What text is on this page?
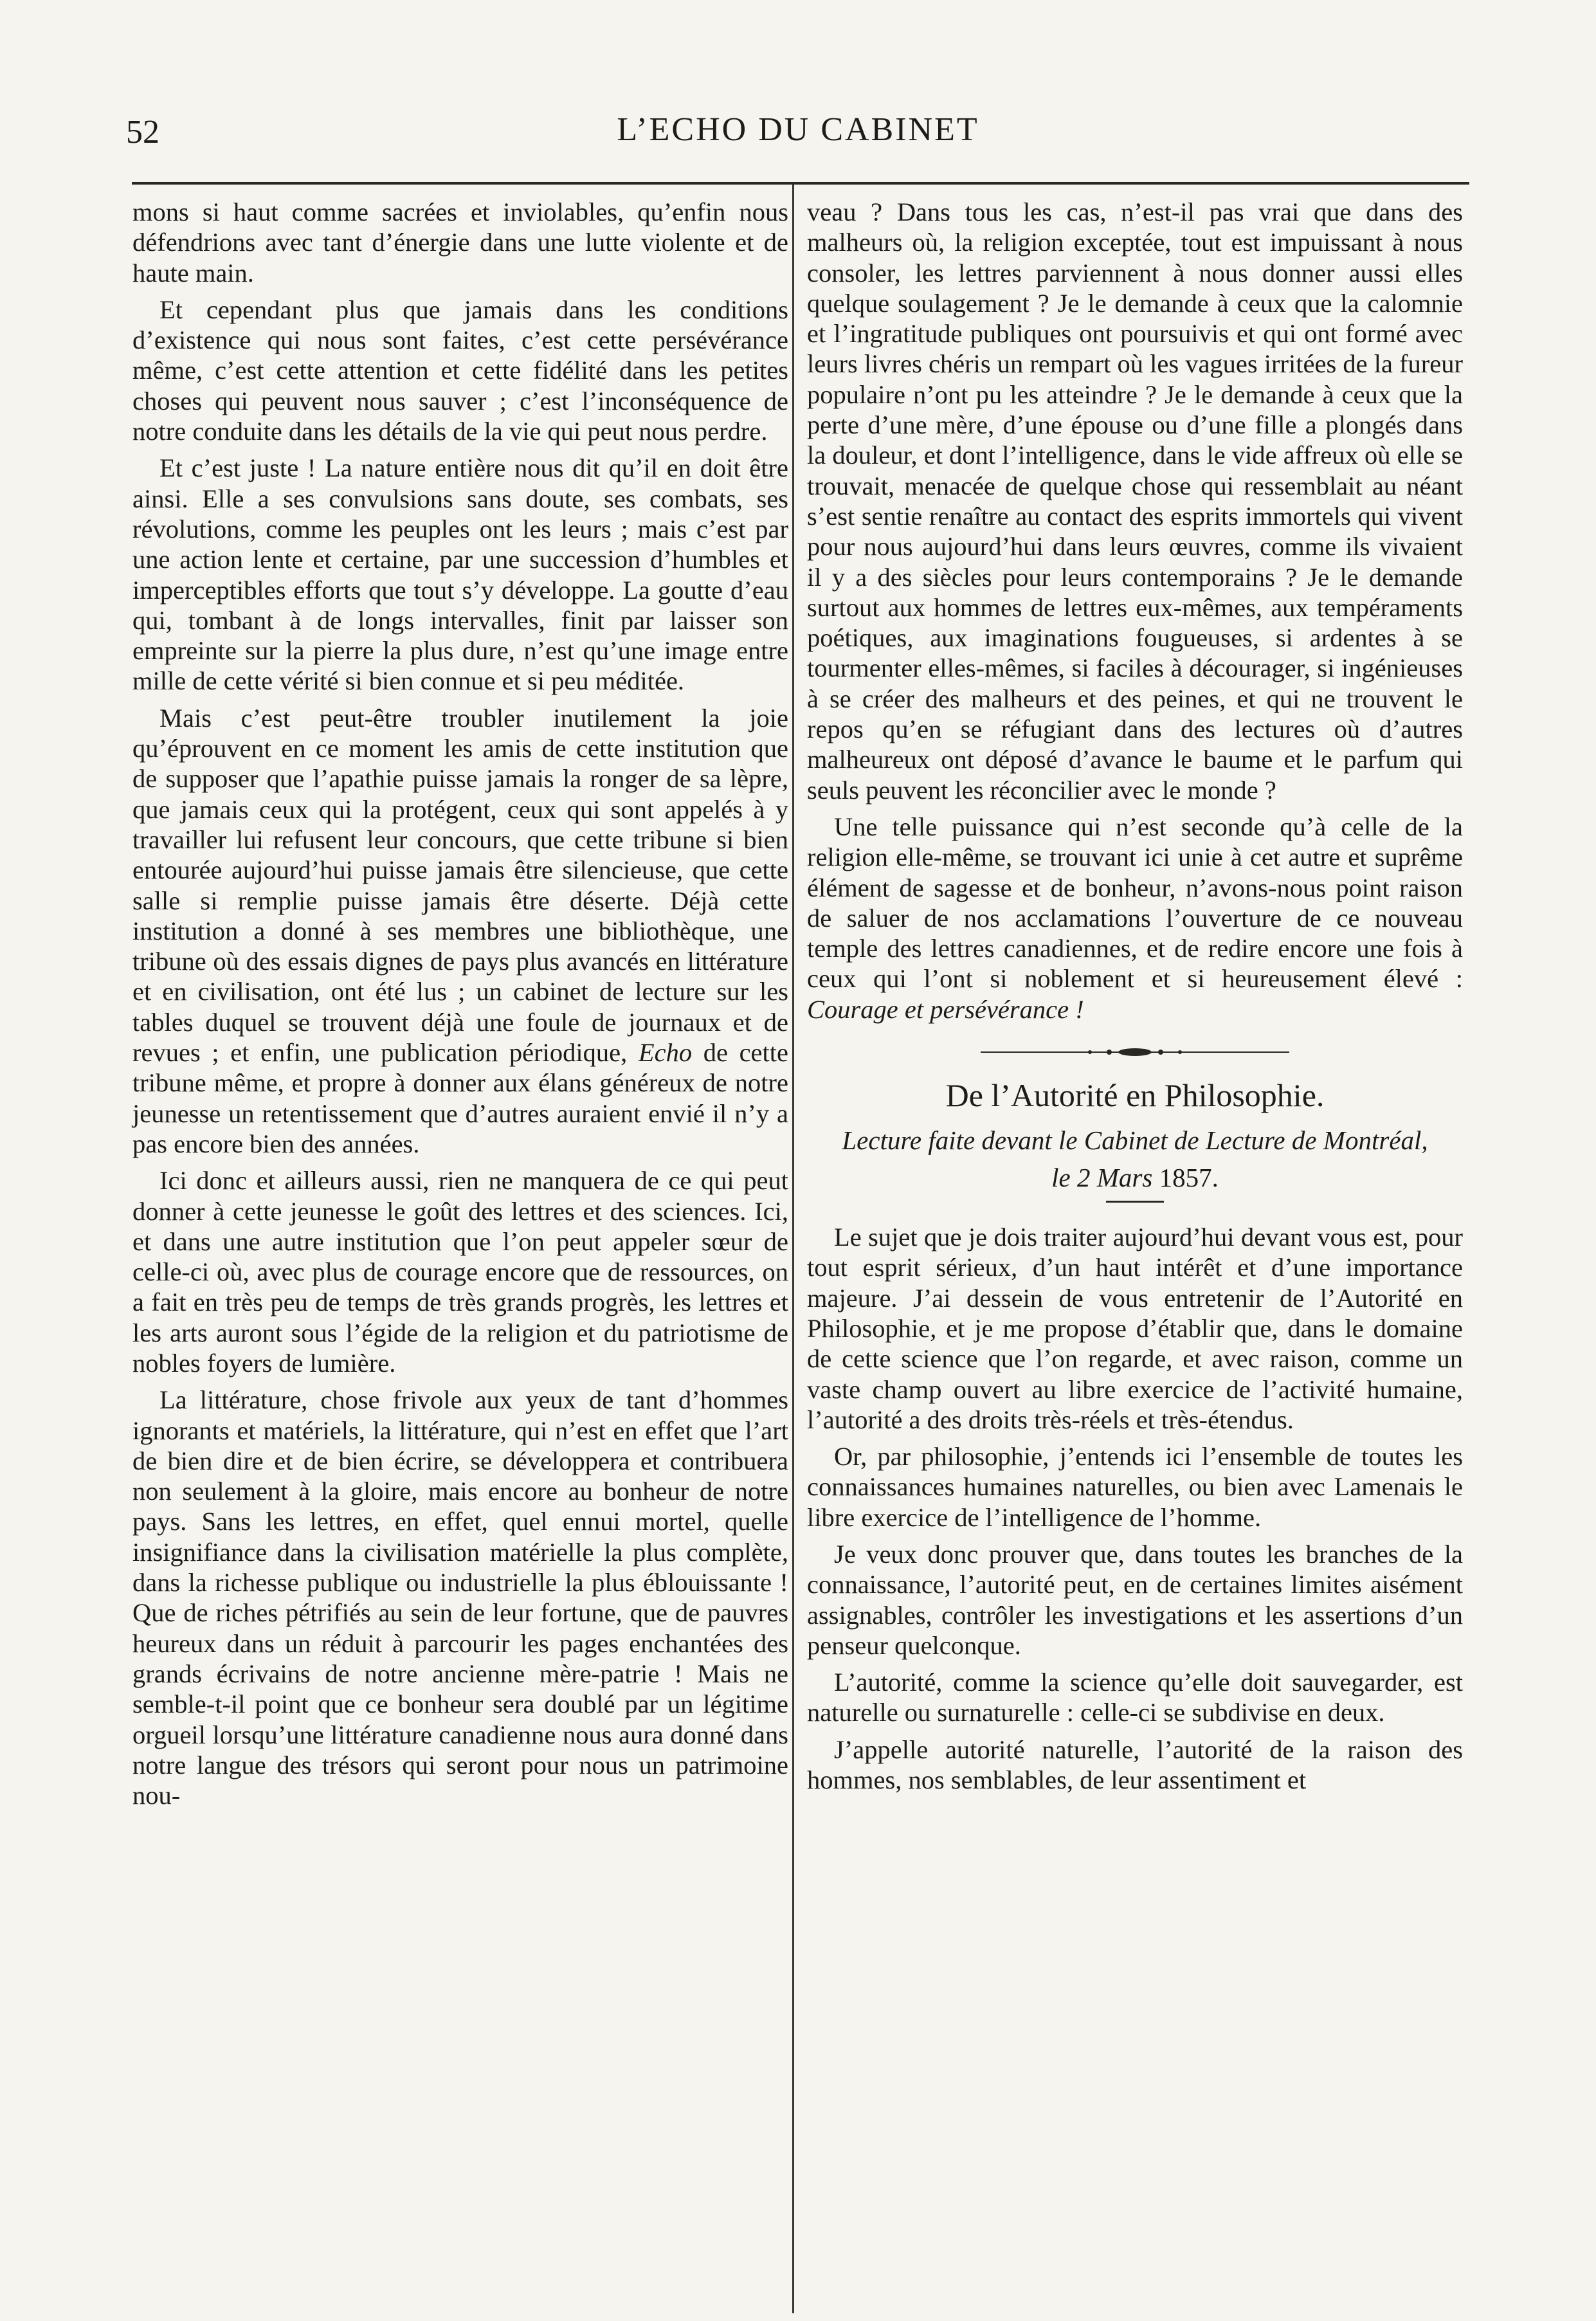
52	L’ECHO DU CABINET

mons si haut comme sacrées et inviolables, qu’enfin nous défendrions avec tant d’énergie dans une lutte violente et de haute main.

Et cependant plus que jamais dans les conditions d’existence qui nous sont faites, c’est cette persévérance même, c’est cette attention et cette fidélité dans les petites choses qui peuvent nous sauver ; c’est l’inconséquence de notre conduite dans les détails de la vie qui peut nous perdre.

Et c’est juste ! La nature entière nous dit qu’il en doit être ainsi. Elle a ses convulsions sans doute, ses combats, ses révolutions, comme les peuples ont les leurs ; mais c’est par une action lente et certaine, par une succession d’humbles et imperceptibles efforts que tout s’y développe. La goutte d’eau qui, tombant à de longs intervalles, finit par laisser son empreinte sur la pierre la plus dure, n’est qu’une image entre mille de cette vérité si bien connue et si peu méditée.

Mais c’est peut-être troubler inutilement la joie qu’éprouvent en ce moment les amis de cette institution que de supposer que l’apathie puisse jamais la ronger de sa lèpre, que jamais ceux qui la protégent, ceux qui sont appelés à y travailler lui refusent leur concours, que cette tribune si bien entourée aujourd’hui puisse jamais être silencieuse, que cette salle si remplie puisse jamais être déserte. Déjà cette institution a donné à ses membres une bibliothèque, une tribune où des essais dignes de pays plus avancés en littérature et en civilisation, ont été lus ; un cabinet de lecture sur les tables duquel se trouvent déjà une foule de journaux et de revues ; et enfin, une publication périodique, Echo de cette tribune même, et propre à donner aux élans généreux de notre jeunesse un retentissement que d’autres auraient envié il n’y a pas encore bien des années.

Ici donc et ailleurs aussi, rien ne manquera de ce qui peut donner à cette jeunesse le goût des lettres et des sciences. Ici, et dans une autre institution que l’on peut appeler sœur de celle-ci où, avec plus de courage encore que de ressources, on a fait en très peu de temps de très grands progrès, les lettres et les arts auront sous l’égide de la religion et du patriotisme de nobles foyers de lumière.

La littérature, chose frivole aux yeux de tant d’hommes ignorants et matériels, la littérature, qui n’est en effet que l’art de bien dire et de bien écrire, se développera et contribuera non seulement à la gloire, mais encore au bonheur de notre pays. Sans les lettres, en effet, quel ennui mortel, quelle insignifiance dans la civilisation matérielle la plus complète, dans la richesse publique ou industrielle la plus éblouissante ! Que de riches pétrifiés au sein de leur fortune, que de pauvres heureux dans un réduit à parcourir les pages enchantées des grands écrivains de notre ancienne mère-patrie ! Mais ne semble-t-il point que ce bonheur sera doublé par un légitime orgueil lorsqu’une littérature canadienne nous aura donné dans notre langue des trésors qui seront pour nous un patrimoine nou-

veau ? Dans tous les cas, n’est-il pas vrai que dans des malheurs où, la religion exceptée, tout est impuissant à nous consoler, les lettres parviennent à nous donner aussi elles quelque soulagement ? Je le demande à ceux que la calomnie et l’ingratitude publiques ont poursuivis et qui ont formé avec leurs livres chéris un rempart où les vagues irritées de la fureur populaire n’ont pu les atteindre ? Je le demande à ceux que la perte d’une mère, d’une épouse ou d’une fille a plongés dans la douleur, et dont l’intelligence, dans le vide affreux où elle se trouvait, menacée de quelque chose qui ressemblait au néant s’est sentie renaître au contact des esprits immortels qui vivent pour nous aujourd’hui dans leurs œuvres, comme ils vivaient il y a des siècles pour leurs contemporains ? Je le demande surtout aux hommes de lettres eux-mêmes, aux tempéraments poétiques, aux imaginations fougueuses, si ardentes à se tourmenter elles-mêmes, si faciles à décourager, si ingénieuses à se créer des malheurs et des peines, et qui ne trouvent le repos qu’en se réfugiant dans des lectures où d’autres malheureux ont déposé d’avance le baume et le parfum qui seuls peuvent les réconcilier avec le monde ?

Une telle puissance qui n’est seconde qu’à celle de la religion elle-même, se trouvant ici unie à cet autre et suprême élément de sagesse et de bonheur, n’avons-nous point raison de saluer de nos acclamations l’ouverture de ce nouveau temple des lettres canadiennes, et de redire encore une fois à ceux qui l’ont si noblement et si heureusement élevé : Courage et persévérance !

De l’Autorité en Philosophie.

Lecture faite devant le Cabinet de Lecture de Montréal,

le 2 Mars 1857.

Le sujet que je dois traiter aujourd’hui devant vous est, pour tout esprit sérieux, d’un haut intérêt et d’une importance majeure. J’ai dessein de vous entretenir de l’Autorité en Philosophie, et je me propose d’établir que, dans le domaine de cette science que l’on regarde, et avec raison, comme un vaste champ ouvert au libre exercice de l’activité humaine, l’autorité a des droits très-réels et très-étendus.

Or, par philosophie, j’entends ici l’ensemble de toutes les connaissances humaines naturelles, ou bien avec Lamenais le libre exercice de l’intelligence de l’homme.

Je veux donc prouver que, dans toutes les branches de la connaissance, l’autorité peut, en de certaines limites aisément assignables, contrôler les investigations et les assertions d’un penseur quelconque.

L’autorité, comme la science qu’elle doit sauvegarder, est naturelle ou surnaturelle : celle-ci se subdivise en deux.

J’appelle autorité naturelle, l’autorité de la raison des hommes, nos semblables, de leur assentiment et
